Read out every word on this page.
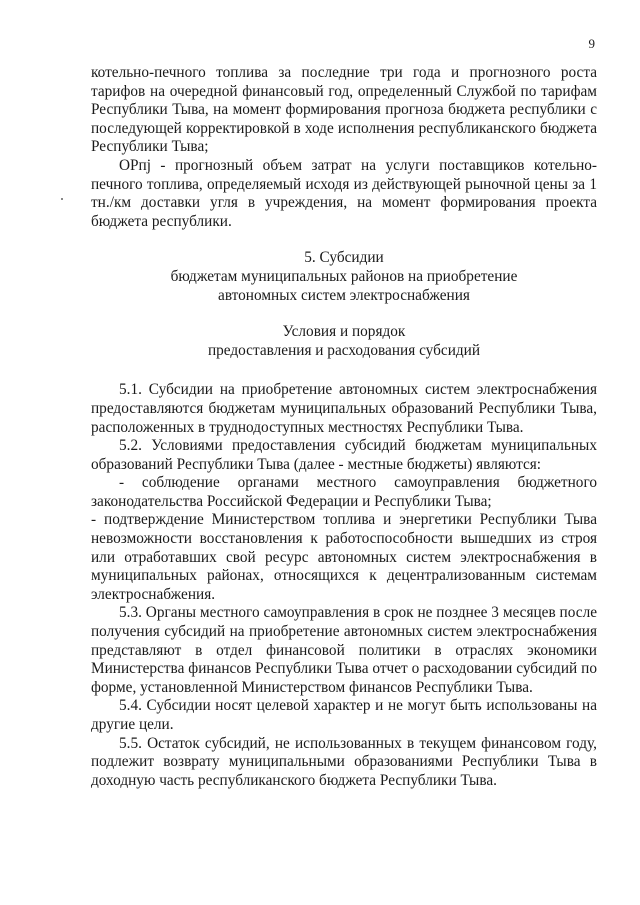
9

котельно-печного топлива за последние три года и прогнозного роста тарифов на очередной финансовый год, определенный Службой по тарифам Республики Тыва, на момент формирования прогноза бюджета республики с последующей корректировкой в ходе исполнения республиканского бюджета Республики Тыва;

ОРпj - прогнозный объем затрат на услуги поставщиков котельно-печного топлива, определяемый исходя из действующей рыночной цены за 1 тн./км доставки угля в учреждения, на момент формирования проекта бюджета республики.

5. Субсидии

бюджетам муниципальных районов на приобретение

автономных систем электроснабжения

Условия и порядок

предоставления и расходования субсидий

5.1. Субсидии на приобретение автономных систем электроснабжения предоставляются бюджетам муниципальных образований Республики Тыва, расположенных в труднодоступных местностях Республики Тыва.

5.2. Условиями предоставления субсидий бюджетам муниципальных образований Республики Тыва (далее - местные бюджеты) являются:

- соблюдение органами местного самоуправления бюджетного законодательства Российской Федерации и Республики Тыва;

- подтверждение Министерством топлива и энергетики Республики Тыва невозможности восстановления к работоспособности вышедших из строя или отработавших свой ресурс автономных систем электроснабжения в муниципальных районах, относящихся к децентрализованным системам электроснабжения.

5.3. Органы местного самоуправления в срок не позднее 3 месяцев после получения субсидий на приобретение автономных систем электроснабжения представляют в отдел финансовой политики в отраслях экономики Министерства финансов Республики Тыва отчет о расходовании субсидий по форме, установленной Министерством финансов Республики Тыва.

5.4. Субсидии носят целевой характер и не могут быть использованы на другие цели.

5.5. Остаток субсидий, не использованных в текущем финансовом году, подлежит возврату муниципальными образованиями Республики Тыва в доходную часть республиканского бюджета Республики Тыва.
